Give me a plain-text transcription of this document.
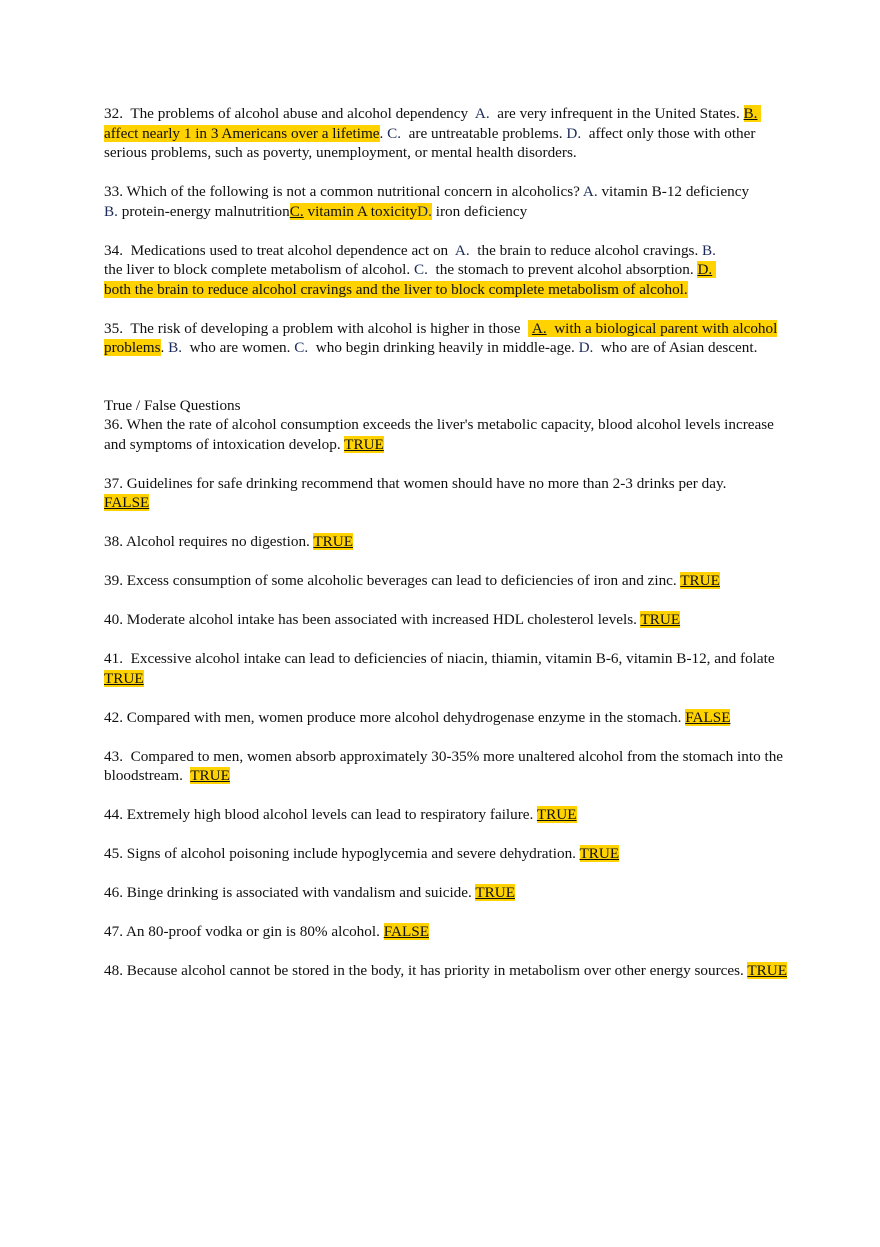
32. The problems of alcohol abuse and alcohol dependency A. are very infrequent in the United States. B.  affect nearly 1 in 3 Americans over a lifetime. C. are untreatable problems. D. affect only those with other serious problems, such as poverty, unemployment, or mental health disorders.

33. Which of the following is not a common nutritional concern in alcoholics? A. vitamin B-12 deficiency
B. protein-energy malnutritionC. vitamin A toxicityD. iron deficiency

34. Medications used to treat alcohol dependence act on A. the brain to reduce alcohol cravings. B.
the liver to block complete metabolism of alcohol. C. the stomach to prevent alcohol absorption. D.
both the brain to reduce alcohol cravings and the liver to block complete metabolism of alcohol.

35. The risk of developing a problem with alcohol is higher in those A. with a biological parent with alcohol problems. B. who are women. C. who begin drinking heavily in middle-age. D. who are of Asian descent.

True / False Questions

36. When the rate of alcohol consumption exceeds the liver's metabolic capacity, blood alcohol levels increase and symptoms of intoxication develop. TRUE

37. Guidelines for safe drinking recommend that women should have no more than 2-3 drinks per day.
FALSE

38. Alcohol requires no digestion. TRUE

39. Excess consumption of some alcoholic beverages can lead to deficiencies of iron and zinc. TRUE

40. Moderate alcohol intake has been associated with increased HDL cholesterol levels. TRUE

41. Excessive alcohol intake can lead to deficiencies of niacin, thiamin, vitamin B-6, vitamin B-12, and folate  TRUE

42. Compared with men, women produce more alcohol dehydrogenase enzyme in the stomach. FALSE

43. Compared to men, women absorb approximately 30-35% more unaltered alcohol from the stomach into the bloodstream. TRUE

44. Extremely high blood alcohol levels can lead to respiratory failure. TRUE

45. Signs of alcohol poisoning include hypoglycemia and severe dehydration. TRUE

46. Binge drinking is associated with vandalism and suicide. TRUE

47. An 80-proof vodka or gin is 80% alcohol. FALSE

48. Because alcohol cannot be stored in the body, it has priority in metabolism over other energy sources. TRUE
